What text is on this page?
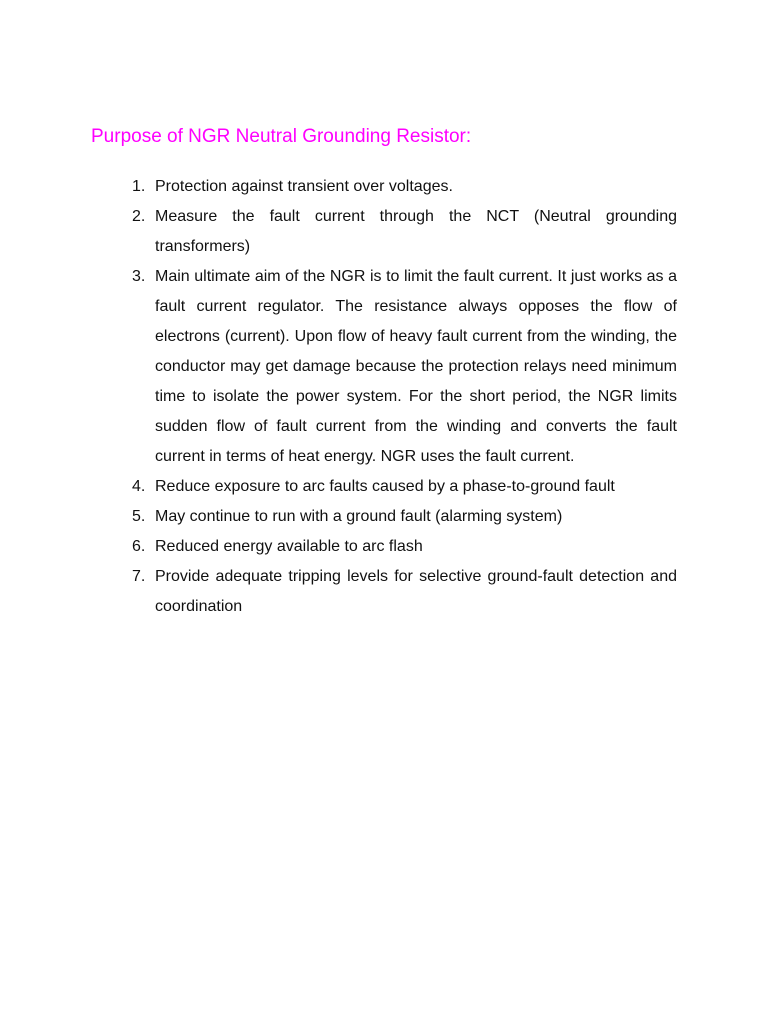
Purpose of NGR Neutral Grounding Resistor:
1. Protection against transient over voltages.
2. Measure the fault current through the NCT (Neutral grounding transformers)
3. Main ultimate aim of the NGR is to limit the fault current. It just works as a fault current regulator. The resistance always opposes the flow of electrons (current). Upon flow of heavy fault current from the winding, the conductor may get damage because the protection relays need minimum time to isolate the power system. For the short period, the NGR limits sudden flow of fault current from the winding and converts the fault current in terms of heat energy. NGR uses the fault current.
4. Reduce exposure to arc faults caused by a phase-to-ground fault
5. May continue to run with a ground fault (alarming system)
6. Reduced energy available to arc flash
7. Provide adequate tripping levels for selective ground-fault detection and coordination
